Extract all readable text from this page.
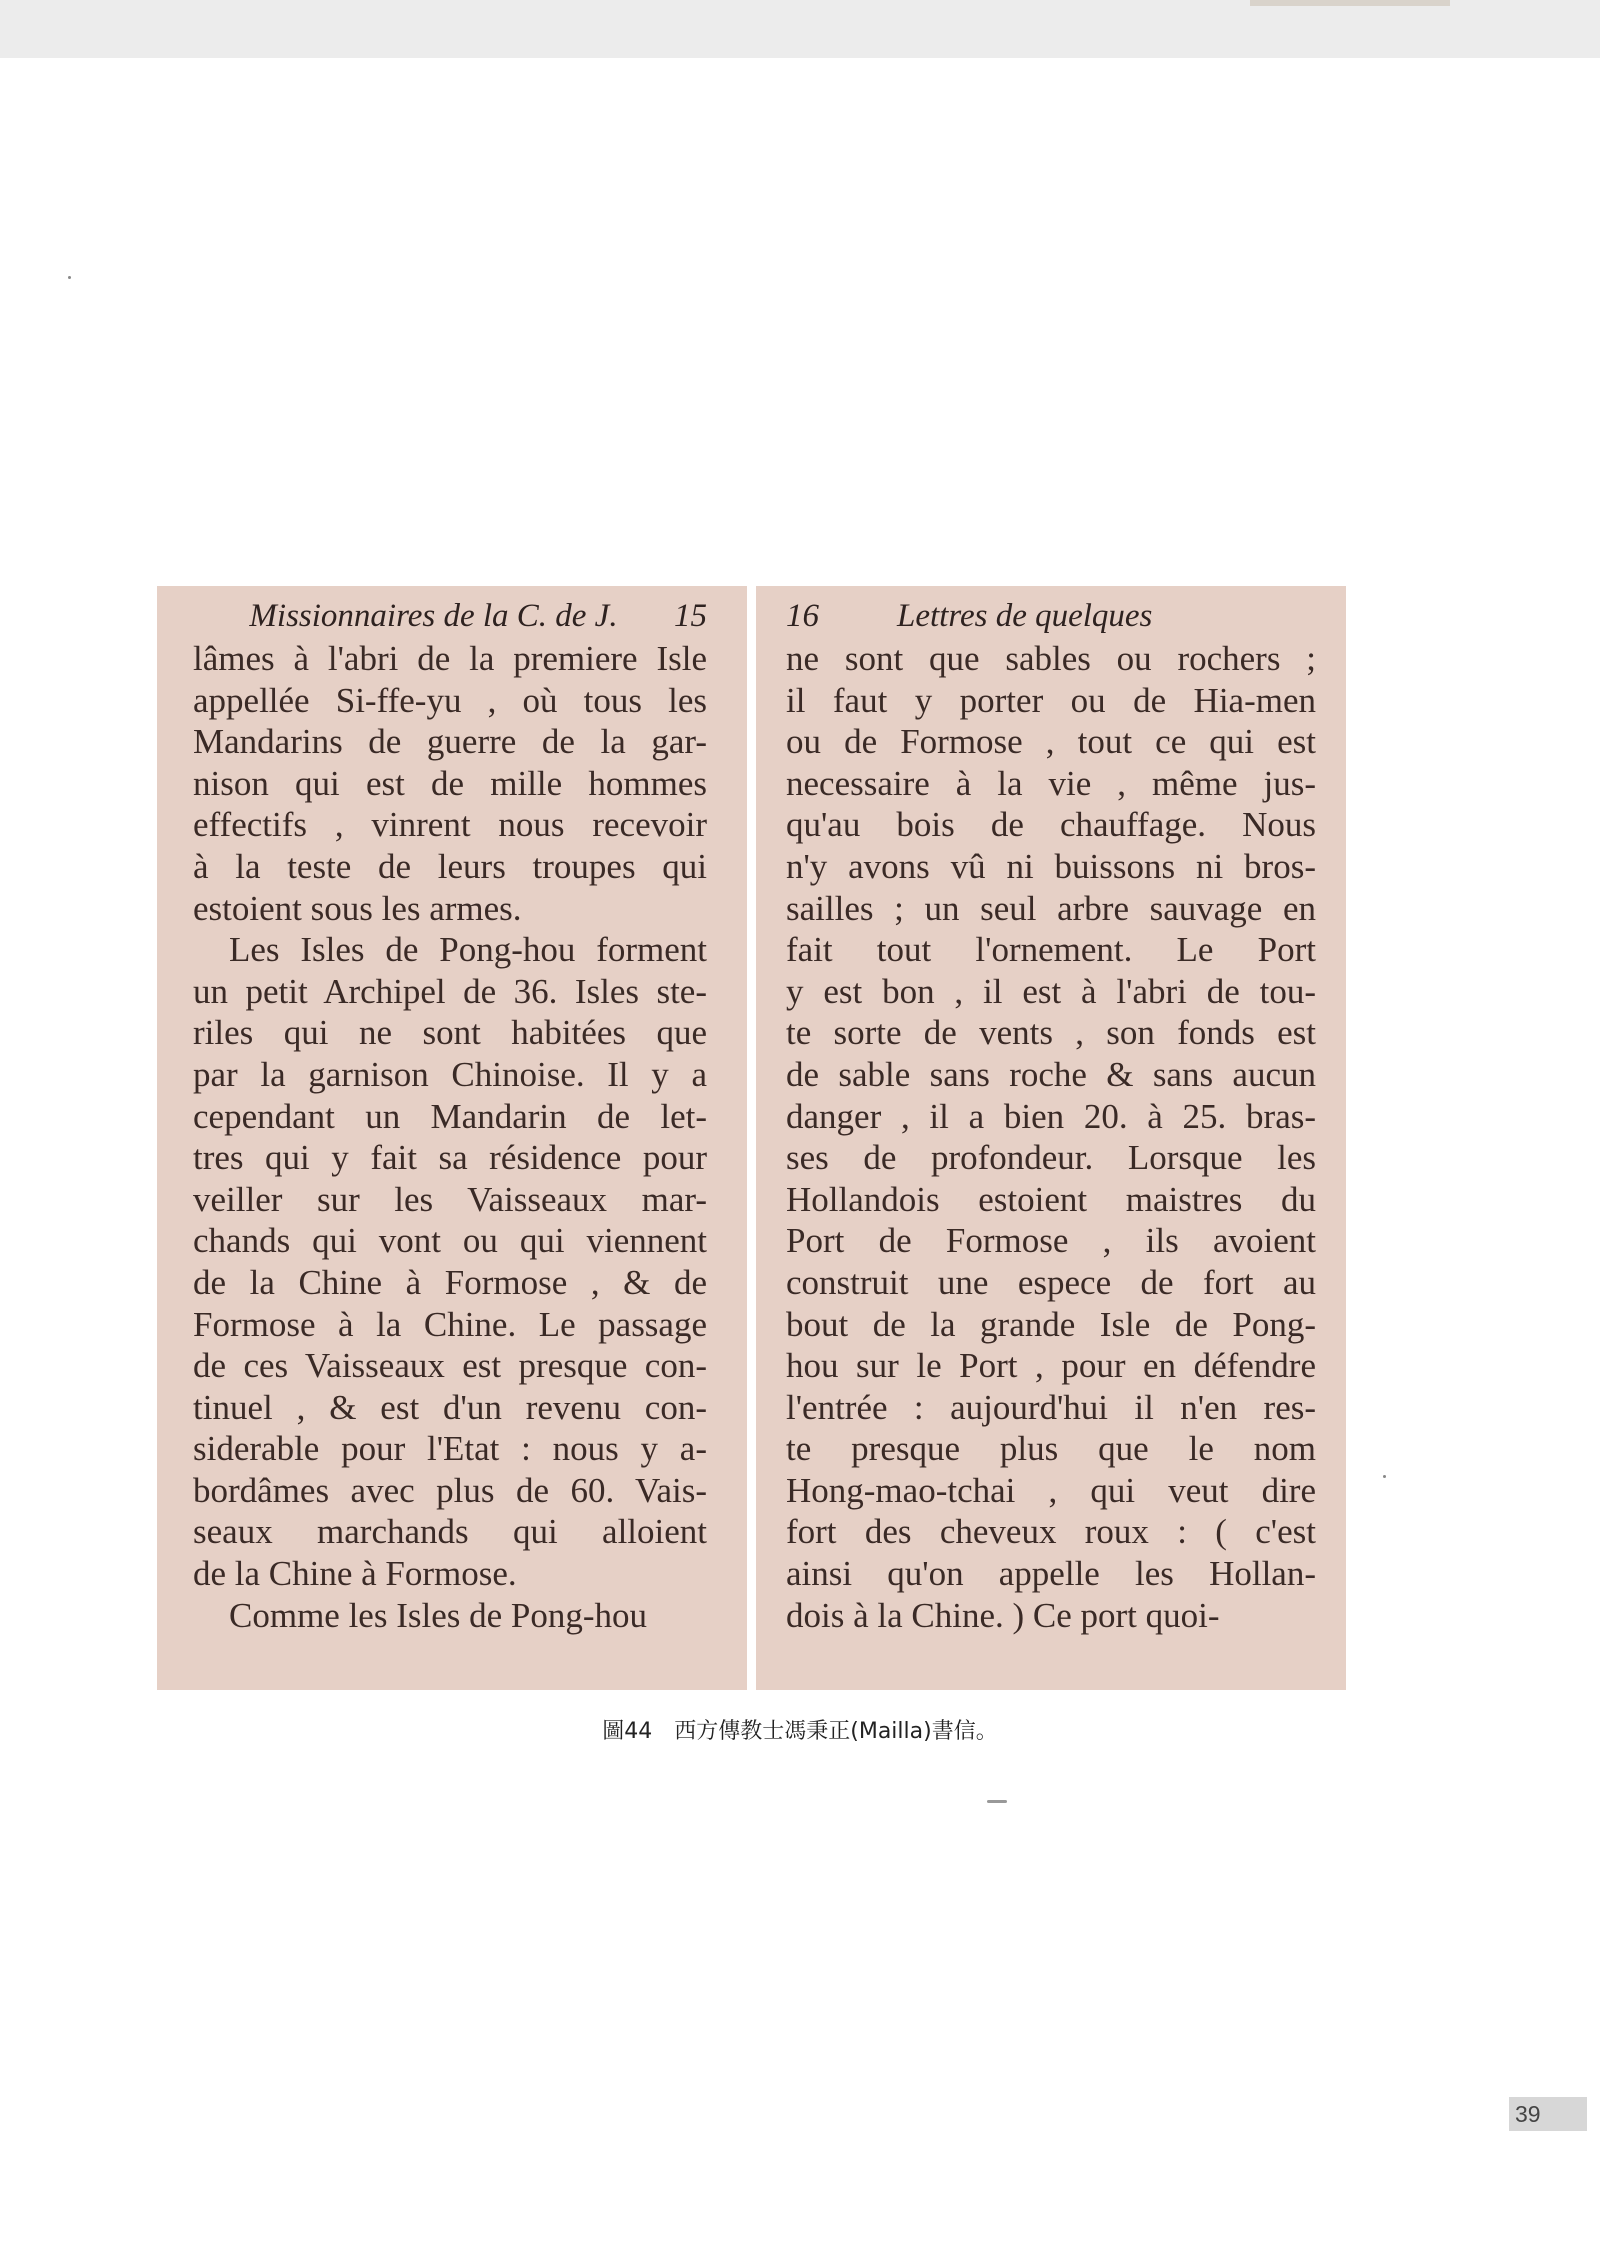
Missionnaires de la C. de J.	15
lâmes à l'abri de la premiere Isle
appellée Si-ffe-yu , où tous les
Mandarins de guerre de la gar-
nison qui est de mille hommes
effectifs , vinrent nous recevoir
à la teste de leurs troupes qui
estoient sous les armes.
Les Isles de Pong-hou forment
un petit Archipel de 36. Isles ste-
riles qui ne sont habitées que
par la garnison Chinoise. Il y a
cependant un Mandarin de let-
tres qui y fait sa résidence pour
veiller sur les Vaisseaux mar-
chands qui vont ou qui viennent
de la Chine à Formose , & de
Formose à la Chine. Le passage
de ces Vaisseaux est presque con-
tinuel , & est d'un revenu con-
siderable pour l'Etat : nous y a-
bordâmes avec plus de 60. Vais-
seaux marchands qui alloient
de la Chine à Formose.
Comme les Isles de Pong-hou
16	Lettres de quelques
ne sont que sables ou rochers ;
il faut y porter ou de Hia-men
ou de Formose , tout ce qui est
necessaire à la vie , même jus-
qu'au bois de chauffage. Nous
n'y avons vû ni buissons ni bros-
sailles ; un seul arbre sauvage en
fait tout l'ornement. Le Port
y est bon , il est à l'abri de tou-
te sorte de vents , son fonds est
de sable sans roche & sans aucun
danger , il a bien 20. à 25. bras-
ses de profondeur. Lorsque les
Hollandois estoient maistres du
Port de Formose , ils avoient
construit une espece de fort au
bout de la grande Isle de Pong-
hou sur le Port , pour en défendre
l'entrée : aujourd'hui il n'en res-
te presque plus que le nom
Hong-mao-tchai , qui veut dire
fort des cheveux roux : ( c'est
ainsi qu'on appelle les Hollan-
dois à la Chine. ) Ce port quoi-
圖44　西方傳教士馮秉正(Mailla)書信。
39
